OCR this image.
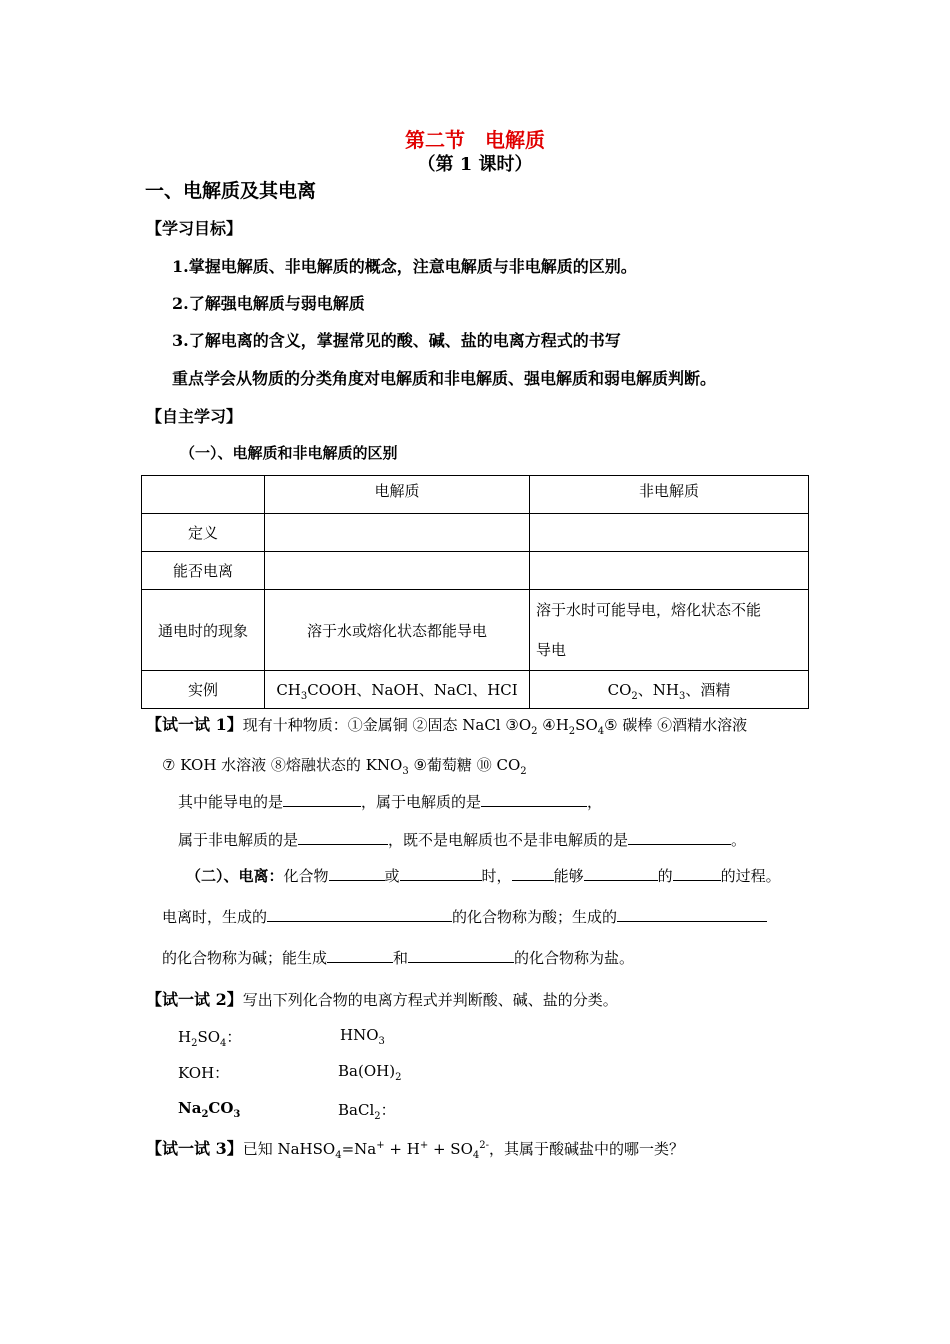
第二节　电解质
（第 1 课时）
一、电解质及其电离
【学习目标】
1.掌握电解质、非电解质的概念，注意电解质与非电解质的区别。
2.了解强电解质与弱电解质
3.了解电离的含义，掌握常见的酸、碱、盐的电离方程式的书写
重点学会从物质的分类角度对电解质和非电解质、强电解质和弱电解质判断。
【自主学习】
（一）、电解质和非电解质的区别
	电解质	非电解质
定义		
能否电离		
通电时的现象	溶于水或熔化状态都能导电	溶于水时可能导电，熔化状态不能
导电

实例	$CH_3COOH$、NaOH、NaCl、HCI	$CO_2$、$NH_3$、酒精
【试一试 1】现有十种物质：①金属铜 ②固态 NaCl $③O_2$ $④H_2SO_4⑤$ 碳棒 ⑥酒精水溶液
⑦ KOH 水溶液 ⑧熔融状态的 $KNO_3$ ⑨葡萄糖 ⑩ $CO_2$
其中能导电的是	，属于电解质的是	，
属于非电解质的是	，既不是电解质也不是非电解质的是	。
（二）、电离：化合物	或	时，	能够	的	的过程。
电离时，生成的	的化合物称为酸；生成的
的化合物称为碱；能生成	和	的化合物称为盐。
【试一试 2】写出下列化合物的电离方程式并判断酸、碱、盐的分类。
$H_2SO_4$：	$HNO_3$
KOH：	$Ba(OH)_2$
$Na_2CO_3$	BaCl$_2$：
【试一试 3】已知 NaHSO$_4$=Na+ + $H^+ + SO_4^{2-}$，其属于酸碱盐中的哪一类？
